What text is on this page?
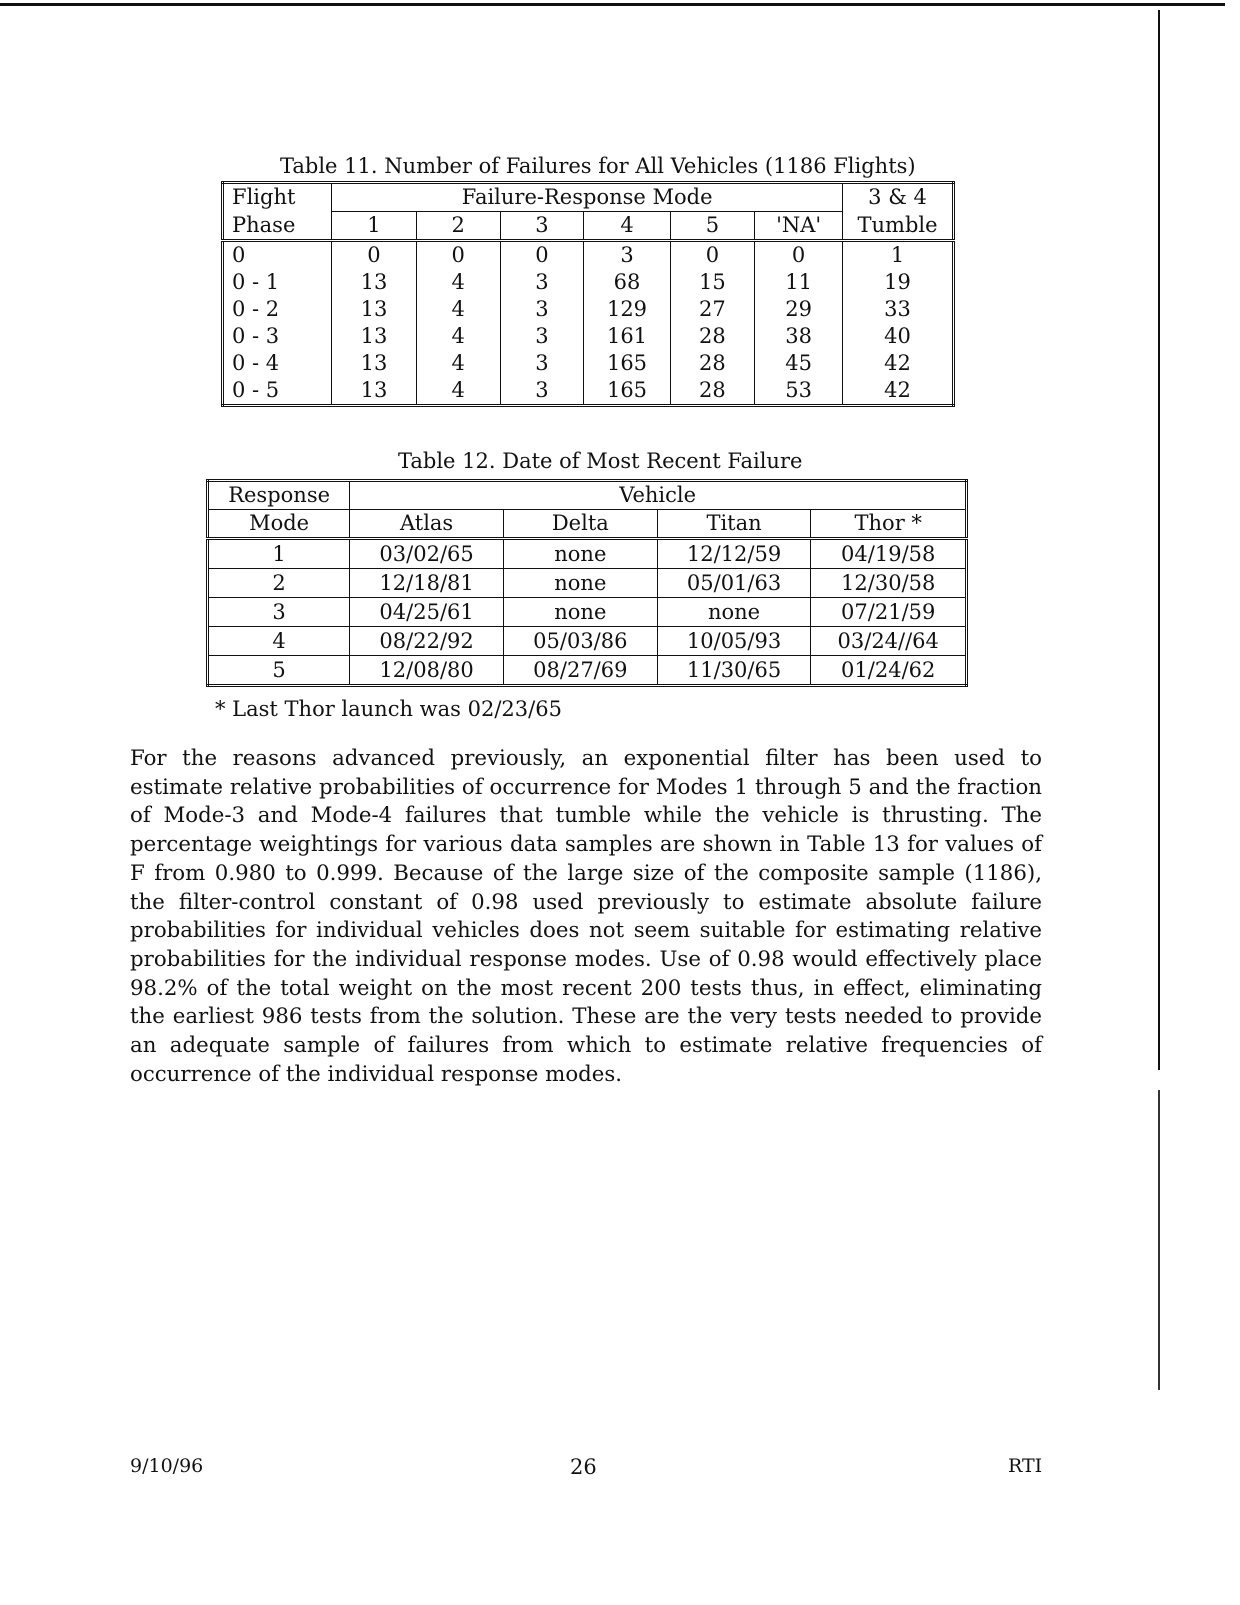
Table 11. Number of Failures for All Vehicles (1186 Flights)
Flight	Failure-Response Mode						3 & 4
Phase	1	2	3	4	5	'NA'	Tumble
0	0	0	0	3	0	0	1
0 - 1	13	4	3	68	15	11	19
0 - 2	13	4	3	129	27	29	33
0 - 3	13	4	3	161	28	38	40
0 - 4	13	4	3	165	28	45	42
0 - 5	13	4	3	165	28	53	42
Table 12. Date of Most Recent Failure
Response	Vehicle			
Mode	Atlas	Delta	Titan	Thor *
1	03/02/65	none	12/12/59	04/19/58
2	12/18/81	none	05/01/63	12/30/58
3	04/25/61	none	none	07/21/59
4	08/22/92	05/03/86	10/05/93	03/24//64
5	12/08/80	08/27/69	11/30/65	01/24/62
* Last Thor launch was 02/23/65

For the reasons advanced previously, an exponential filter has been used to estimate relative probabilities of occurrence for Modes 1 through 5 and the fraction of Mode-3 and Mode-4 failures that tumble while the vehicle is thrusting. The percentage weightings for various data samples are shown in Table 13 for values of F from 0.980 to 0.999. Because of the large size of the composite sample (1186), the filter-control constant of 0.98 used previously to estimate absolute failure probabilities for individual vehicles does not seem suitable for estimating relative probabilities for the individual response modes. Use of 0.98 would effectively place 98.2% of the total weight on the most recent 200 tests thus, in effect, eliminating the earliest 986 tests from the solution. These are the very tests needed to provide an adequate sample of failures from which to estimate relative frequencies of occurrence of the individual response modes.

9/10/96	26	RTI
